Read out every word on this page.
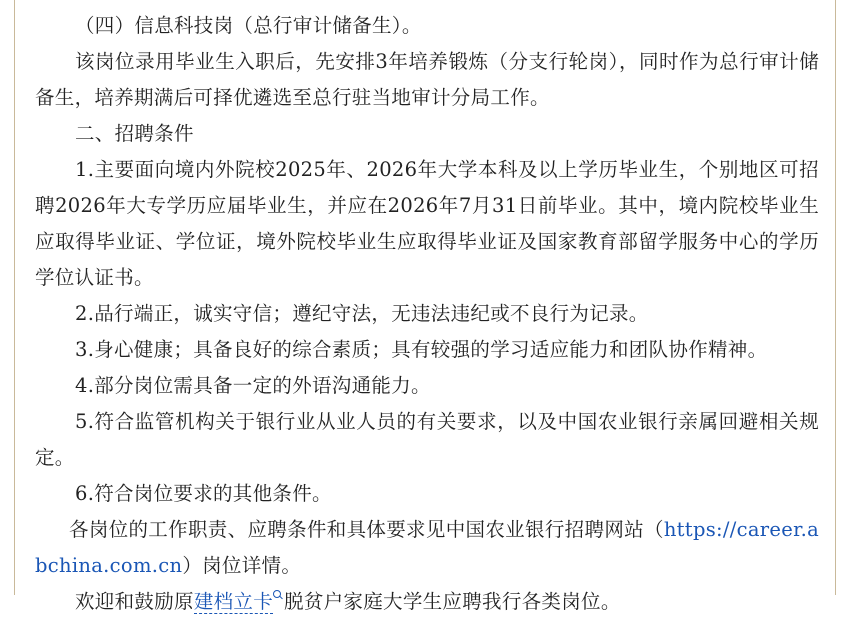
（四）信息科技岗（总行审计储备生）。

该岗位录用毕业生入职后，先安排3年培养锻炼（分支行轮岗），同时作为总行审计储备生，培养期满后可择优遴选至总行驻当地审计分局工作。

二、招聘条件

1.主要面向境内外院校2025年、2026年大学本科及以上学历毕业生，个别地区可招聘2026年大专学历应届毕业生，并应在2026年7月31日前毕业。其中，境内院校毕业生应取得毕业证、学位证，境外院校毕业生应取得毕业证及国家教育部留学服务中心的学历学位认证书。

2.品行端正，诚实守信；遵纪守法，无违法违纪或不良行为记录。

3.身心健康；具备良好的综合素质；具有较强的学习适应能力和团队协作精神。

4.部分岗位需具备一定的外语沟通能力。

5.符合监管机构关于银行业从业人员的有关要求，以及中国农业银行亲属回避相关规定。

6.符合岗位要求的其他条件。

各岗位的工作职责、应聘条件和具体要求见中国农业银行招聘网站（https://career.abchina.com.cn）岗位详情。

欢迎和鼓励原建档立卡 脱贫户家庭大学生应聘我行各类岗位。
